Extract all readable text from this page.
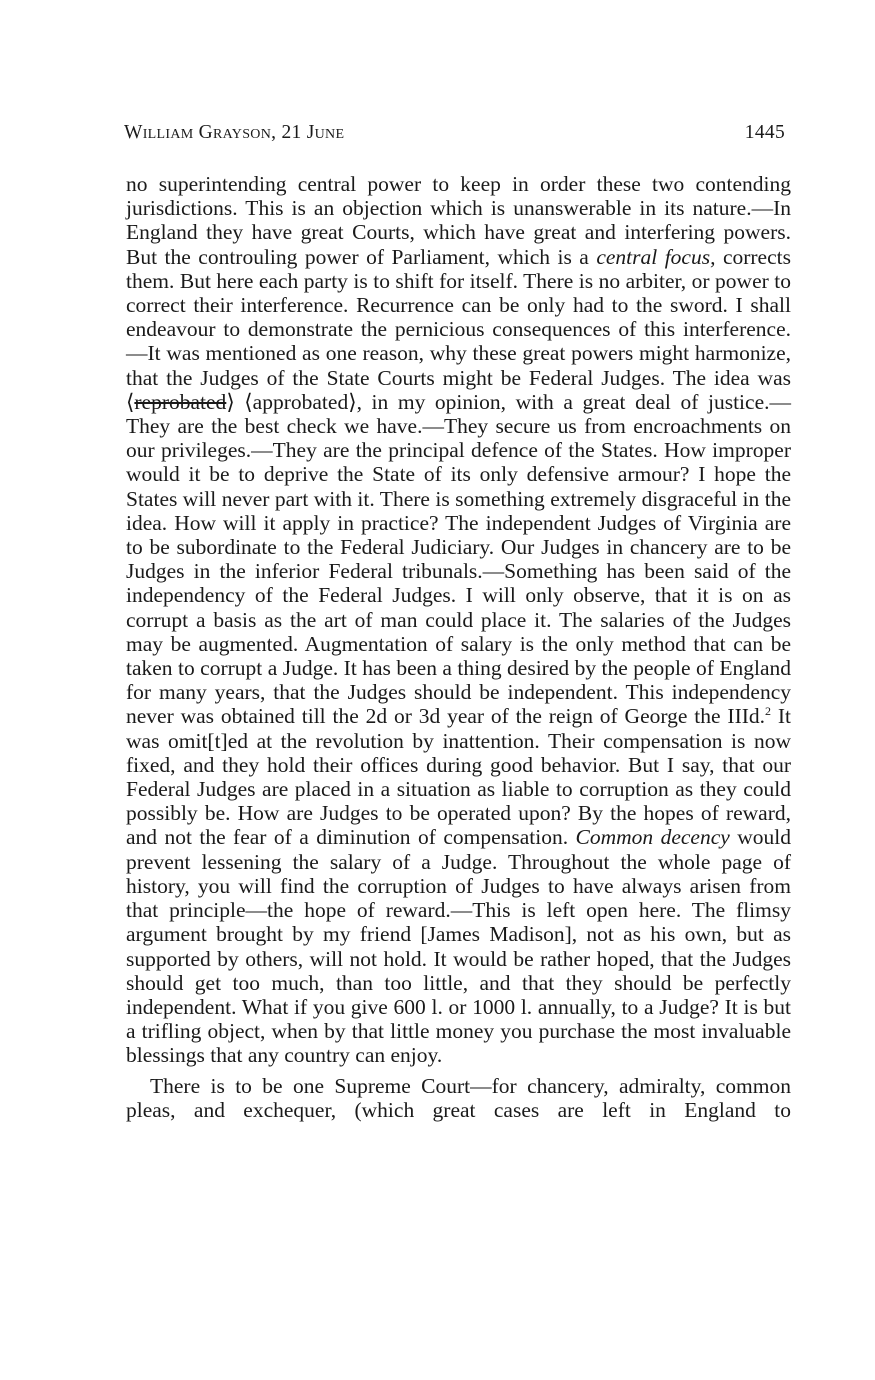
William Grayson, 21 June	1445

no superintending central power to keep in order these two contending jurisdictions. This is an objection which is unanswerable in its nature.—In England they have great Courts, which have great and interfering powers. But the controuling power of Parliament, which is a central focus, corrects them. But here each party is to shift for itself. There is no arbiter, or power to correct their interference. Recurrence can be only had to the sword. I shall endeavour to demonstrate the pernicious consequences of this interference.—It was mentioned as one reason, why these great powers might harmonize, that the Judges of the State Courts might be Federal Judges. The idea was ⟨reprobated⟩ ⟨approbated⟩, in my opinion, with a great deal of justice.—They are the best check we have.—They secure us from encroachments on our privileges.—They are the principal defence of the States. How improper would it be to deprive the State of its only defensive armour? I hope the States will never part with it. There is something extremely disgraceful in the idea. How will it apply in practice? The independent Judges of Virginia are to be subordinate to the Federal Judiciary. Our Judges in chancery are to be Judges in the inferior Federal tribunals.—Something has been said of the independency of the Federal Judges. I will only observe, that it is on as corrupt a basis as the art of man could place it. The salaries of the Judges may be augmented. Augmentation of salary is the only method that can be taken to corrupt a Judge. It has been a thing desired by the people of England for many years, that the Judges should be independent. This independency never was obtained till the 2d or 3d year of the reign of George the IIId.$^2$ It was omit[t]ed at the revolution by inattention. Their compensation is now fixed, and they hold their offices during good behavior. But I say, that our Federal Judges are placed in a situation as liable to corruption as they could possibly be. How are Judges to be operated upon? By the hopes of reward, and not the fear of a diminution of compensation. Common decency would prevent lessening the salary of a Judge. Throughout the whole page of history, you will find the corruption of Judges to have always arisen from that principle—the hope of reward.—This is left open here. The flimsy argument brought by my friend [James Madison], not as his own, but as supported by others, will not hold. It would be rather hoped, that the Judges should get too much, than too little, and that they should be perfectly independent. What if you give 600 l. or 1000 l. annually, to a Judge? It is but a trifling object, when by that little money you purchase the most invaluable blessings that any country can enjoy.

There is to be one Supreme Court—for chancery, admiralty, common pleas, and exchequer, (which great cases are left in England to
